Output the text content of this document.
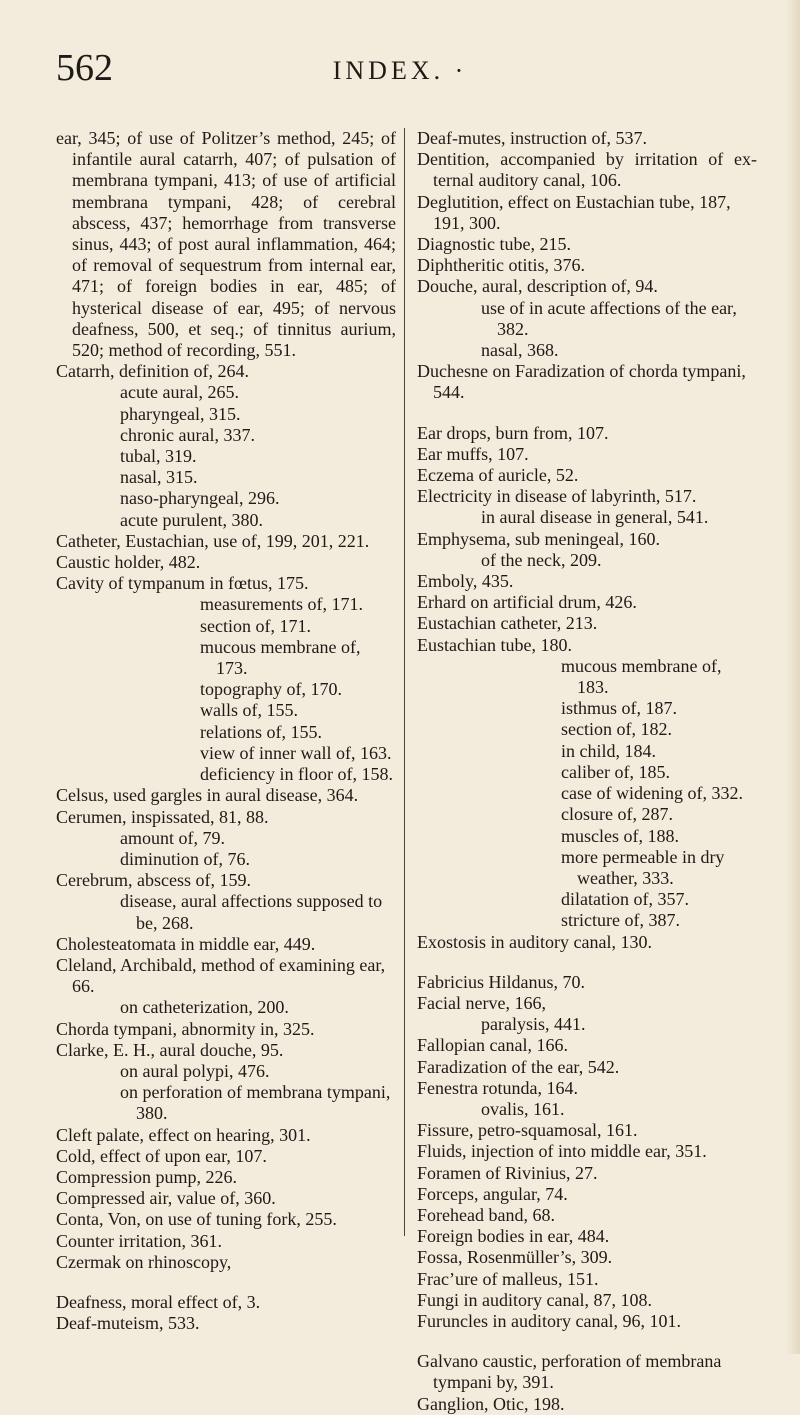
562	INDEX. ·

ear, 345; of use of Politzer’s method, 245; of infantile aural catarrh, 407; of pulsation of membrana tympani, 413; of use of artificial membrana tympani, 428; of cerebral abscess, 437; hemorrhage from transverse sinus, 443; of post aural inflammation, 464; of removal of sequestrum from internal ear, 471; of foreign bodies in ear, 485; of hysterical disease of ear, 495; of nervous deafness, 500, et seq.; of tinnitus aurium, 520; method of recording, 551.

Catarrh, definition of, 264.

acute aural, 265.

pharyngeal, 315.

chronic aural, 337.

tubal, 319.

nasal, 315.

naso-pharyngeal, 296.

acute purulent, 380.

Catheter, Eustachian, use of, 199, 201, 221.

Caustic holder, 482.

Cavity of tympanum in fœtus, 175.

measurements of, 171.

section of, 171.

mucous membrane of, 173.

topography of, 170.

walls of, 155.

relations of, 155.

view of inner wall of, 163.

deficiency in floor of, 158.

Celsus, used gargles in aural disease, 364.

Cerumen, inspissated, 81, 88.

amount of, 79.

diminution of, 76.

Cerebrum, abscess of, 159.

disease, aural affections supposed to be, 268.

Cholesteatomata in middle ear, 449.

Cleland, Archibald, method of examining ear, 66.

on catheterization, 200.

Chorda tympani, abnormity in, 325.

Clarke, E. H., aural douche, 95.

on aural polypi, 476.

on perforation of membrana tympani, 380.

Cleft palate, effect on hearing, 301.

Cold, effect of upon ear, 107.

Compression pump, 226.

Compressed air, value of, 360.

Conta, Von, on use of tuning fork, 255.

Counter irritation, 361.

Czermak on rhinoscopy,

Deafness, moral effect of, 3.

Deaf-muteism, 533.

Deaf-mutes, instruction of, 537.

Dentition, accompanied by irritation of external auditory canal, 106.

Deglutition, effect on Eustachian tube, 187, 191, 300.

Diagnostic tube, 215.

Diphtheritic otitis, 376.

Douche, aural, description of, 94.

use of in acute affections of the ear, 382.

nasal, 368.

Duchesne on Faradization of chorda tympani, 544.

Ear drops, burn from, 107.

Ear muffs, 107.

Eczema of auricle, 52.

Electricity in disease of labyrinth, 517.

in aural disease in general, 541.

Emphysema, sub meningeal, 160.

of the neck, 209.

Emboly, 435.

Erhard on artificial drum, 426.

Eustachian catheter, 213.

Eustachian tube, 180.

mucous membrane of, 183.

isthmus of, 187.

section of, 182.

in child, 184.

caliber of, 185.

case of widening of, 332.

closure of, 287.

muscles of, 188.

more permeable in dry weather, 333.

dilatation of, 357.

stricture of, 387.

Exostosis in auditory canal, 130.

Fabricius Hildanus, 70.

Facial nerve, 166,

paralysis, 441.

Fallopian canal, 166.

Faradization of the ear, 542.

Fenestra rotunda, 164.

ovalis, 161.

Fissure, petro-squamosal, 161.

Fluids, injection of into middle ear, 351.

Foramen of Rivinius, 27.

Forceps, angular, 74.

Forehead band, 68.

Foreign bodies in ear, 484.

Fossa, Rosenmüller’s, 309.

Frac’ure of malleus, 151.

Fungi in auditory canal, 87, 108.

Furuncles in auditory canal, 96, 101.

Galvano caustic, perforation of membrana tympani by, 391.

Ganglion, Otic, 198.
